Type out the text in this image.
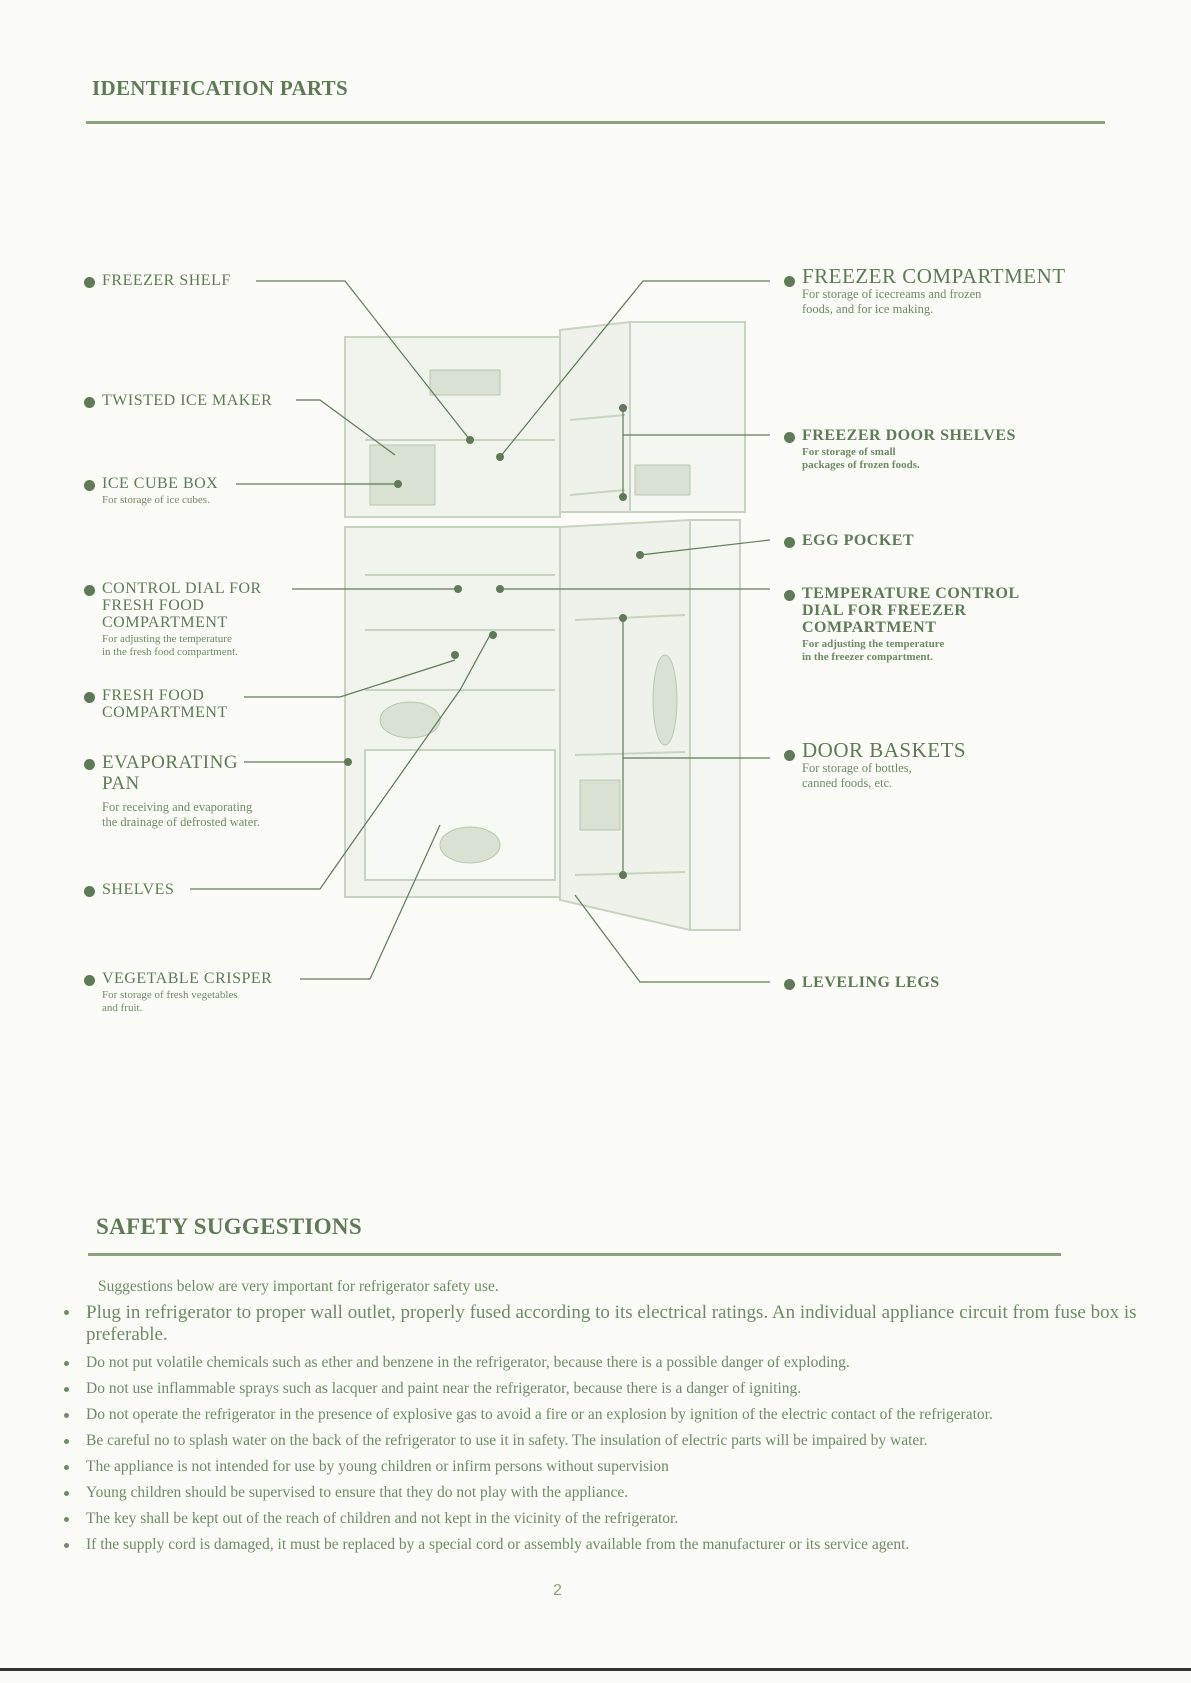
IDENTIFICATION PARTS
FREEZER SHELF
TWISTED ICE MAKER
ICE CUBE BOX
For storage of ice cubes.
CONTROL DIAL FOR
FRESH FOOD
COMPARTMENT
For adjusting the temperature
in the fresh food compartment.
FRESH FOOD
COMPARTMENT
EVAPORATING
PAN
For receiving and evaporating
the drainage of defrosted water.
SHELVES
VEGETABLE CRISPER
For storage of fresh vegetables
and fruit.
FREEZER COMPARTMENT
For storage of icecreams and frozen
foods, and for ice making.
FREEZER DOOR SHELVES
For storage of small
packages of frozen foods.
EGG POCKET
TEMPERATURE CONTROL
DIAL FOR FREEZER
COMPARTMENT
For adjusting the temperature
in the freezer compartment.
DOOR BASKETS
For storage of bottles,
canned foods, etc.
LEVELING LEGS
SAFETY SUGGESTIONS
Suggestions below are very important for refrigerator safety use.
Plug in refrigerator to proper wall outlet, properly fused according to its electrical ratings. An individual appliance circuit from fuse box is preferable.
Do not put volatile chemicals such as ether and benzene in the refrigerator, because there is a possible danger of exploding.
Do not use inflammable sprays such as lacquer and paint near the refrigerator, because there is a danger of igniting.
Do not operate the refrigerator in the presence of explosive gas to avoid a fire or an explosion by ignition of the electric contact of the refrigerator.
Be careful no to splash water on the back of the refrigerator to use it in safety. The insulation of electric parts will be impaired by water.
The appliance is not intended for use by young children or infirm persons without supervision
Young children should be supervised to ensure that they do not play with the appliance.
The key shall be kept out of the reach of children and not kept in the vicinity of the refrigerator.
If the supply cord is damaged, it must be replaced by a special cord or assembly available from the manufacturer or its service agent.
2
